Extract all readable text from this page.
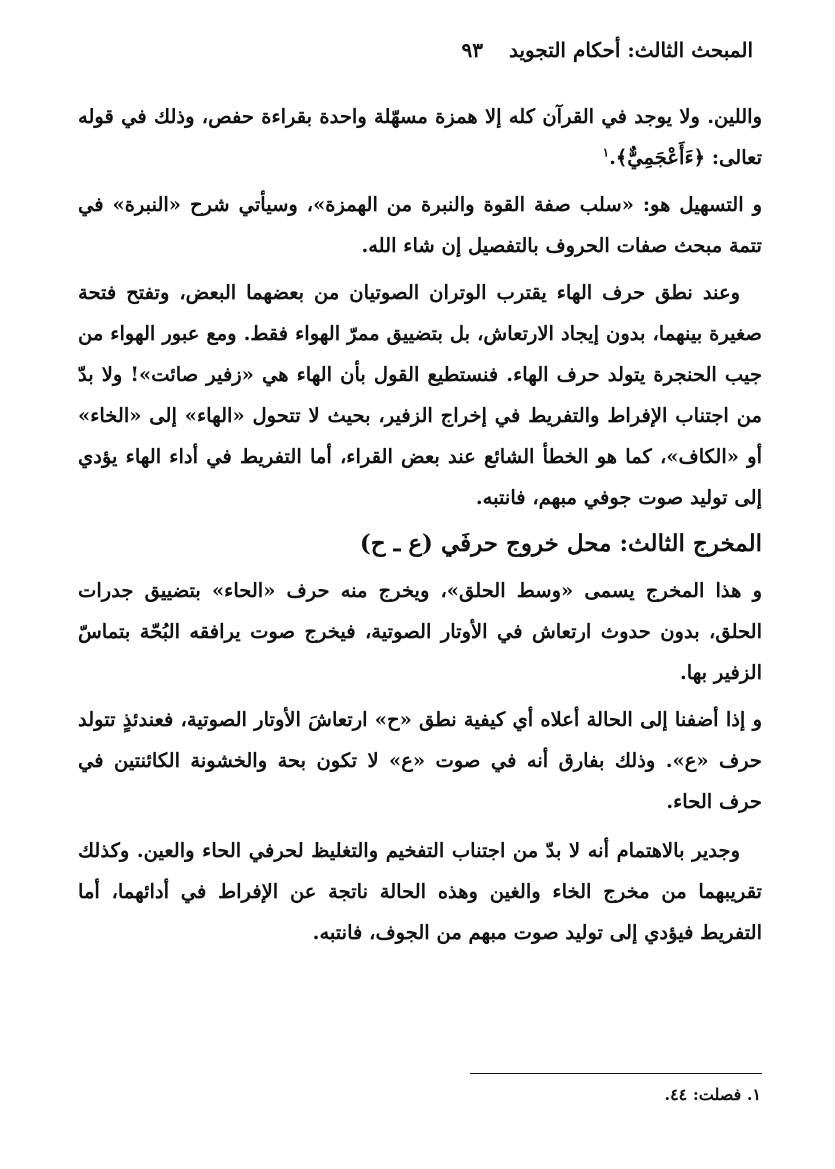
المبحث الثالث: أحكام التجويد٩٣

واللين. ولا يوجد في القرآن كله إلا همزة مسهّلة واحدة بقراءة حفص، وذلك في قوله تعالى: ﴿ءَأَعْجَمِيٌّ﴾.$^١$

و التسهيل هو: «سلب صفة القوة والنبرة من الهمزة»، وسيأتي شرح «النبرة» في تتمة مبحث صفات الحروف بالتفصيل إن شاء الله.

وعند نطق حرف الهاء يقترب الوتران الصوتيان من بعضهما البعض، وتفتح فتحة صغيرة بينهما، بدون إيجاد الارتعاش، بل بتضييق ممرّ الهواء فقط. ومع عبور الهواء من جيب الحنجرة يتولد حرف الهاء. فنستطيع القول بأن الهاء هي «زفير صائت»! ولا بدّ من اجتناب الإفراط والتفريط في إخراج الزفير، بحيث لا تتحول «الهاء» إلى «الخاء» أو «الكاف»، كما هو الخطأ الشائع عند بعض القراء، أما التفريط في أداء الهاء يؤدي إلى توليد صوت جوفي مبهم، فانتبه.

المخرج الثالث: محل خروج حرفَي (ع ـ ح)

و هذا المخرج يسمى «وسط الحلق»، ويخرج منه حرف «الحاء» بتضييق جدرات الحلق، بدون حدوث ارتعاش في الأوتار الصوتية، فيخرج صوت يرافقه البُحّة بتماسّ الزفير بها.

و إذا أضفنا إلى الحالة أعلاه أي كيفية نطق «ح» ارتعاشَ الأوتار الصوتية، فعندئذٍ تتولد حرف «ع». وذلك بفارق أنه في صوت «ع» لا تكون بحة والخشونة الكائنتين في حرف الحاء.

وجدير بالاهتمام أنه لا بدّ من اجتناب التفخيم والتغليظ لحرفي الحاء والعين. وكذلك تقريبهما من مخرج الخاء والغين وهذه الحالة ناتجة عن الإفراط في أدائهما، أما التفريط فيؤدي إلى توليد صوت مبهم من الجوف، فانتبه.

١. فصلت: ٤٤.
